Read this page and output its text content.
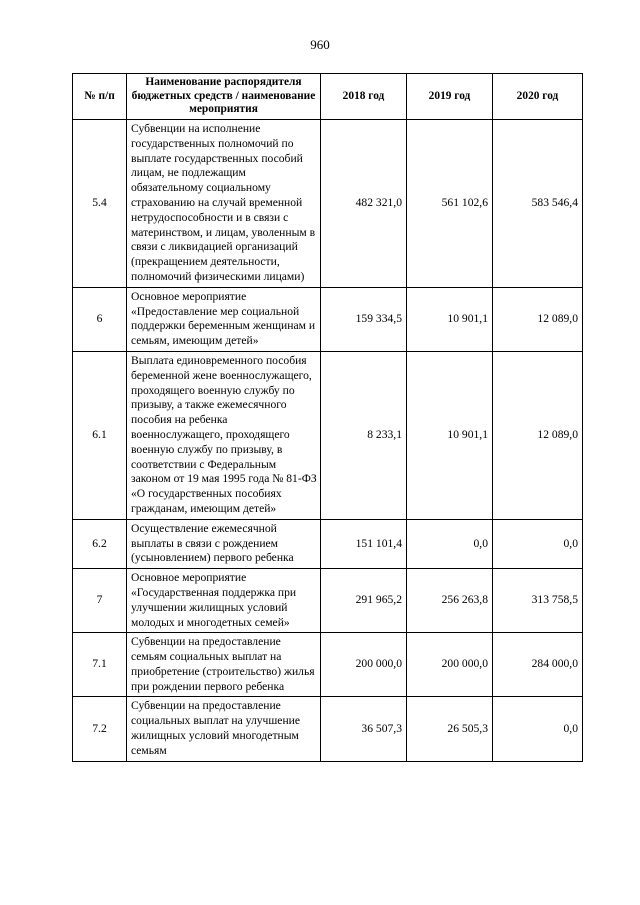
960
№ п/п	Наименование распорядителя бюджетных средств / наименование мероприятия	2018 год	2019 год	2020 год
5.4	Субвенции на исполнение государственных полномочий по выплате государственных пособий лицам, не подлежащим обязательному социальному страхованию на случай временной нетрудоспособности и в связи с материнством, и лицам, уволенным в связи с ликвидацией организаций (прекращением деятельности, полномочий физическими лицами)	482 321,0	561 102,6	583 546,4
6	Основное мероприятие «Предоставление мер социальной поддержки беременным женщинам и семьям, имеющим детей»	159 334,5	10 901,1	12 089,0
6.1	Выплата единовременного пособия беременной жене военнослужащего, проходящего военную службу по призыву, а также ежемесячного пособия на ребенка военнослужащего, проходящего военную службу по призыву, в соответствии с Федеральным законом от 19 мая 1995 года № 81-ФЗ «О государственных пособиях гражданам, имеющим детей»	8 233,1	10 901,1	12 089,0
6.2	Осуществление ежемесячной выплаты в связи с рождением (усыновлением) первого ребенка	151 101,4	0,0	0,0
7	Основное мероприятие «Государственная поддержка при улучшении жилищных условий молодых и многодетных семей»	291 965,2	256 263,8	313 758,5
7.1	Субвенции на предоставление семьям социальных выплат на приобретение (строительство) жилья при рождении первого ребенка	200 000,0	200 000,0	284 000,0
7.2	Субвенции на предоставление социальных выплат на улучшение жилищных условий многодетным семьям	36 507,3	26 505,3	0,0
